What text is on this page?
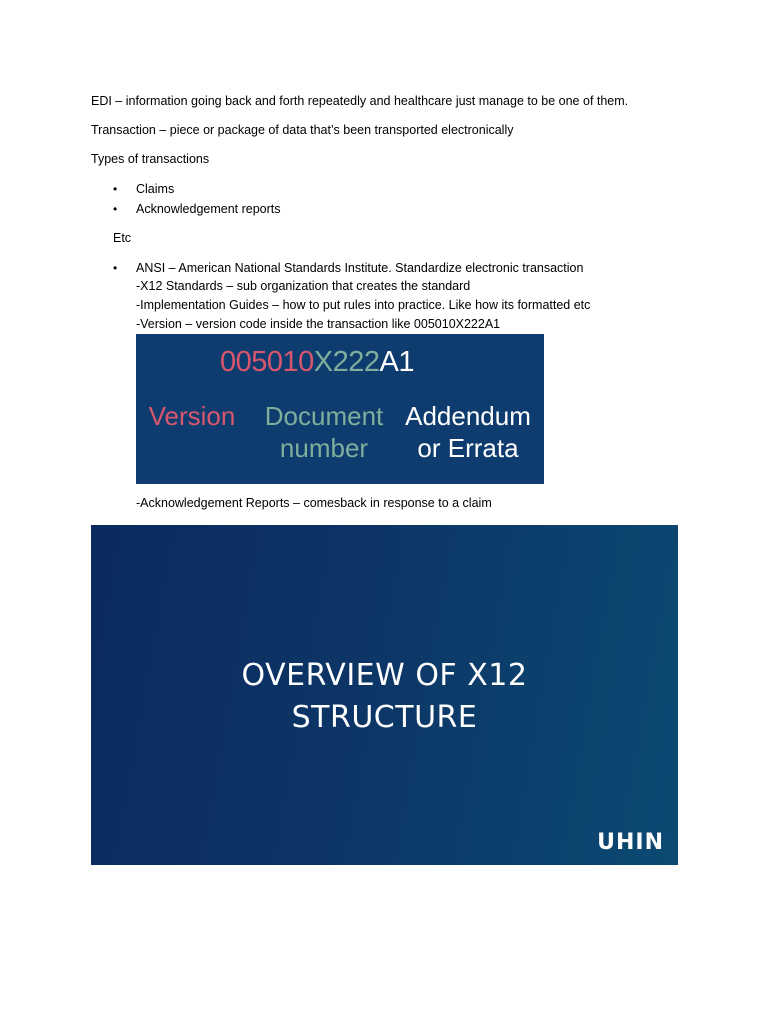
EDI – information going back and forth repeatedly and healthcare just manage to be one of them.
Transaction – piece or package of data that’s been transported electronically
Types of transactions
• Claims
• Acknowledgement reports
Etc
• ANSI – American National Standards Institute. Standardize electronic transaction
-X12 Standards – sub organization that creates the standard
-Implementation Guides – how to put rules into practice. Like how its formatted etc
-Version – version code inside the transaction like 005010X222A1
005010X222A1
Version Document
number
Addendum
or Errata
-Acknowledgement Reports – comesback in response to a claim
OVERVIEW OF X12
STRUCTURE
UHIN
